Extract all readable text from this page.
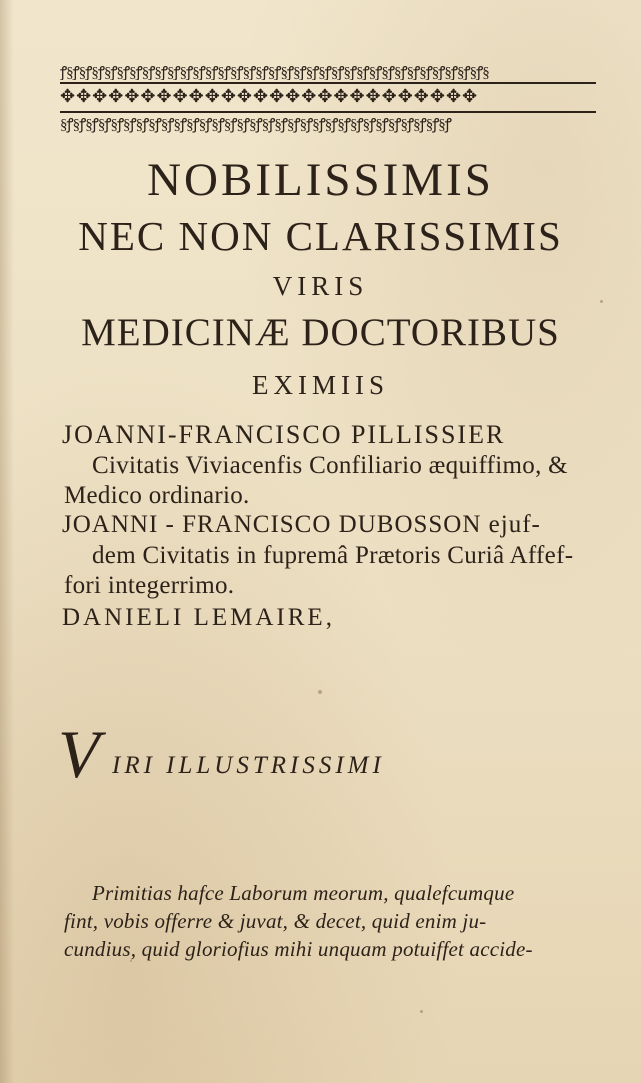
ꝭ§ꝭ§ꝭ§ꝭ§ꝭ§ꝭ§ꝭ§ꝭ§ꝭ§ꝭ§ꝭ§ꝭ§ꝭ§ꝭ§ꝭ§ꝭ§ꝭ§ꝭ§ꝭ§ꝭ§ꝭ§ꝭ§ꝭ§ꝭ§ꝭ§ꝭ§ꝭ§ꝭ§ꝭ§ꝭ§ꝭ§ꝭ§ꝭ§ꝭ§
✥✥✥✥✥✥✥✥✥✥✥✥✥✥✥✥✥✥✥✥✥✥✥✥✥✥
§ꝭ§ꝭ§ꝭ§ꝭ§ꝭ§ꝭ§ꝭ§ꝭ§ꝭ§ꝭ§ꝭ§ꝭ§ꝭ§ꝭ§ꝭ§ꝭ§ꝭ§ꝭ§ꝭ§ꝭ§ꝭ§ꝭ§ꝭ§ꝭ§ꝭ§ꝭ§ꝭ§ꝭ§ꝭ§ꝭ§ꝭ
NOBILISSIMIS
NEC NON CLARISSIMIS
VIRIS
MEDICINÆ DOCTORIBUS
EXIMIIS
JOANNI-FRANCISCO PILLISSIER
Civitatis Viviacenfis Confiliario æquiffimo, &
Medico ordinario.
JOANNI - FRANCISCO DUBOSSON ejuf-
dem Civitatis in fupremâ Prætoris Curiâ Affef-
fori integerrimo.
DANIELI LEMAIRE,
V IRI ILLUSTRISSIMI
Primitias hafce Laborum meorum, qualefcumque
fint, vobis offerre & juvat, & decet, quid enim ju-
cundius, quid gloriofius mihi unquam potuiffet accide-
